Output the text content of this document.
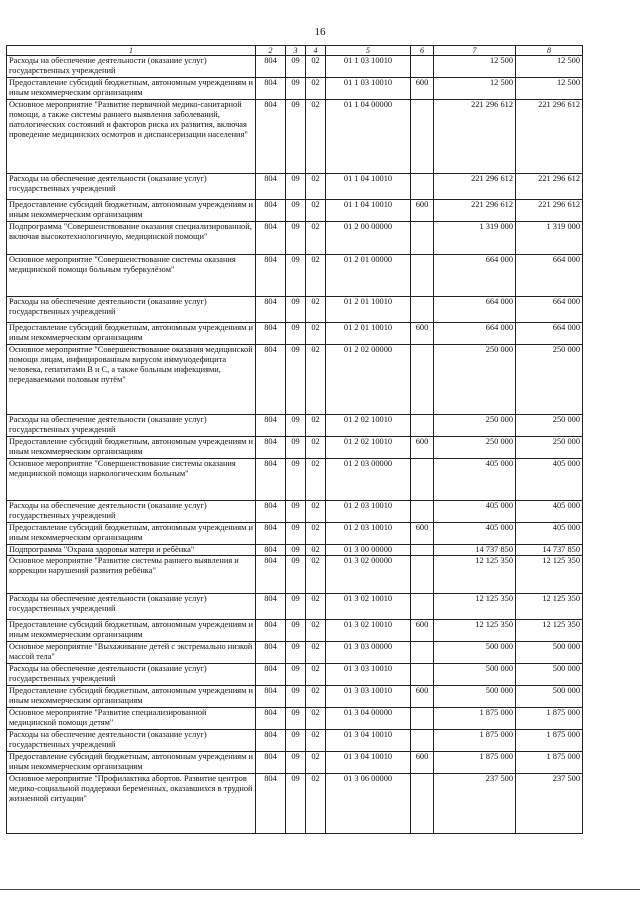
16
1	2	3	4	5	6	7	8
Расходы на обеспечение деятельности (оказание услуг) государственных учреждений	804	09	02	01 1 03 10010		12 500	12 500
Предоставление субсидий бюджетным, автономным учреждениям и иным некоммерческим организациям	804	09	02	01 1 03 10010	600	12 500	12 500
Основное мероприятие "Развитие первичной медико-санитарной помощи, а также системы раннего выявления заболеваний, патологических состояний и факторов риска их развития, включая проведение медицинских осмотров и диспансеризации населения"	804	09	02	01 1 04 00000		221 296 612	221 296 612
Расходы на обеспечение деятельности (оказание услуг) государственных учреждений	804	09	02	01 1 04 10010		221 296 612	221 296 612
Предоставление субсидий бюджетным, автономным учреждениям и иным некоммерческим организациям	804	09	02	01 1 04 10010	600	221 296 612	221 296 612
Подпрограмма "Совершенствование оказания специализированной, включая высокотехнологичную, медицинской помощи"	804	09	02	01 2 00 00000		1 319 000	1 319 000
Основное мероприятие "Совершенствование системы оказания медицинской помощи больным туберкулёзом"	804	09	02	01 2 01 00000		664 000	664 000
Расходы на обеспечение деятельности (оказание услуг) государственных учреждений	804	09	02	01 2 01 10010		664 000	664 000
Предоставление субсидий бюджетным, автономным учреждениям и иным некоммерческим организациям	804	09	02	01 2 01 10010	600	664 000	664 000
Основное мероприятие "Совершенствование оказания медицинской помощи лицам, инфицированным вирусом иммунодефицита человека, гепатитами B и C, а также больным инфекциями, передаваемыми половым путём"	804	09	02	01 2 02 00000		250 000	250 000
Расходы на обеспечение деятельности (оказание услуг) государственных учреждений	804	09	02	01 2 02 10010		250 000	250 000
Предоставление субсидий бюджетным, автономным учреждениям и иным некоммерческим организациям	804	09	02	01 2 02 10010	600	250 000	250 000
Основное мероприятие "Совершенствование системы оказания медицинской помощи наркологическим больным"	804	09	02	01 2 03 00000		405 000	405 000
Расходы на обеспечение деятельности (оказание услуг) государственных учреждений	804	09	02	01 2 03 10010		405 000	405 000
Предоставление субсидий бюджетным, автономным учреждениям и иным некоммерческим организациям	804	09	02	01 2 03 10010	600	405 000	405 000
Подпрограмма "Охрана здоровья матери и ребёнка"	804	09	02	01 3 00 00000		14 737 850	14 737 850
Основное мероприятие "Развитие системы раннего выявления и коррекции нарушений развития ребёнка"	804	09	02	01 3 02 00000		12 125 350	12 125 350
Расходы на обеспечение деятельности (оказание услуг) государственных учреждений	804	09	02	01 3 02 10010		12 125 350	12 125 350
Предоставление субсидий бюджетным, автономным учреждениям и иным некоммерческим организациям	804	09	02	01 3 02 10010	600	12 125 350	12 125 350
Основное мероприятие "Выхаживание детей с экстремально низкой массой тела"	804	09	02	01 3 03 00000		500 000	500 000
Расходы на обеспечение деятельности (оказание услуг) государственных учреждений	804	09	02	01 3 03 10010		500 000	500 000
Предоставление субсидий бюджетным, автономным учреждениям и иным некоммерческим организациям	804	09	02	01 3 03 10010	600	500 000	500 000
Основное мероприятие "Развитие специализированной медицинской помощи детям"	804	09	02	01 3 04 00000		1 875 000	1 875 000
Расходы на обеспечение деятельности (оказание услуг) государственных учреждений	804	09	02	01 3 04 10010		1 875 000	1 875 000
Предоставление субсидий бюджетным, автономным учреждениям и иным некоммерческим организациям	804	09	02	01 3 04 10010	600	1 875 000	1 875 000
Основное мероприятие "Профилактика абортов. Развитие центров медико-социальной поддержки беременных, оказавшихся в трудной жизненной ситуации"	804	09	02	01 3 06 00000		237 500	237 500
